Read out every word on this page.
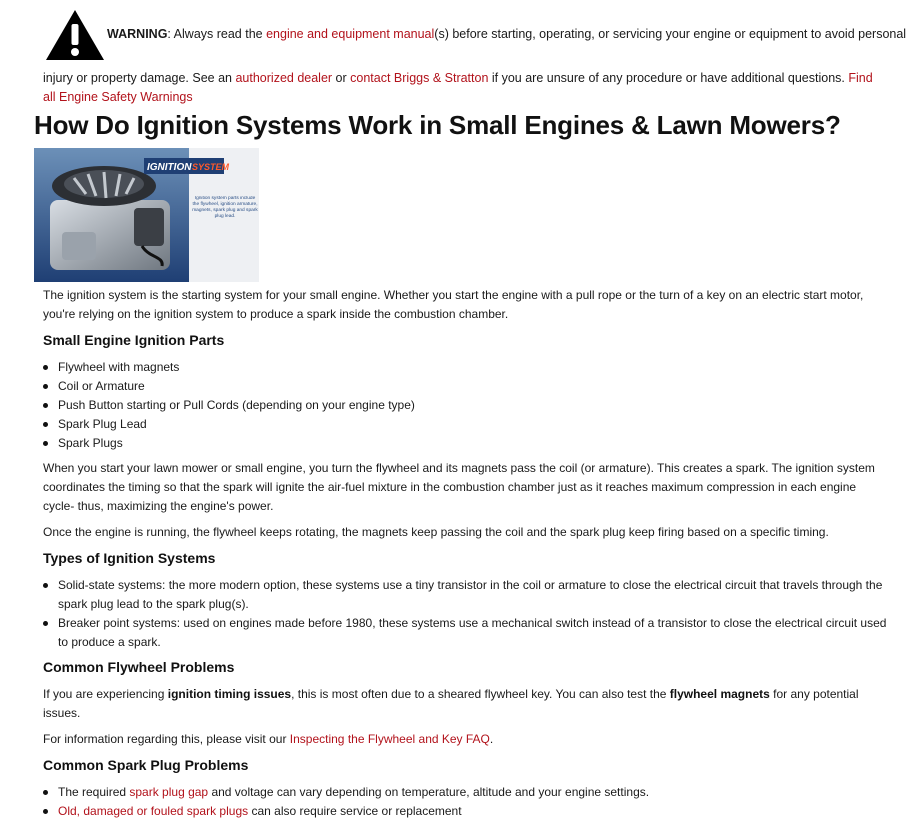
WARNING: Always read the engine and equipment manual(s) before starting, operating, or servicing your engine or equipment to avoid personal
injury or property damage. See an authorized dealer or contact Briggs & Stratton if you are unsure of any procedure or have additional questions. Find all Engine Safety Warnings
How Do Ignition Systems Work in Small Engines & Lawn Mowers?
IGNITION SYSTEM
Ignition system parts include the flywheel, ignition armature, magnets, spark plug and spark plug lead.

The ignition system is the starting system for your small engine. Whether you start the engine with a pull rope or the turn of a key on an electric start motor, you're relying on the ignition system to produce a spark inside the combustion chamber.

Small Engine Ignition Parts
Flywheel with magnets
Coil or Armature
Push Button starting or Pull Cords (depending on your engine type)
Spark Plug Lead
Spark Plugs

When you start your lawn mower or small engine, you turn the flywheel and its magnets pass the coil (or armature). This creates a spark. The ignition system coordinates the timing so that the spark will ignite the air-fuel mixture in the combustion chamber just as it reaches maximum compression in each engine cycle- thus, maximizing the engine's power.

Once the engine is running, the flywheel keeps rotating, the magnets keep passing the coil and the spark plug keep firing based on a specific timing.

Types of Ignition Systems
Solid-state systems: the more modern option, these systems use a tiny transistor in the coil or armature to close the electrical circuit that travels through the spark plug lead to the spark plug(s).
Breaker point systems: used on engines made before 1980, these systems use a mechanical switch instead of a transistor to close the electrical circuit used to produce a spark.
Common Flywheel Problems

If you are experiencing ignition timing issues, this is most often due to a sheared flywheel key. You can also test the flywheel magnets for any potential issues.

For information regarding this, please visit our Inspecting the Flywheel and Key FAQ.

Common Spark Plug Problems
The required spark plug gap and voltage can vary depending on temperature, altitude and your engine settings.
Old, damaged or fouled spark plugs can also require service or replacement
